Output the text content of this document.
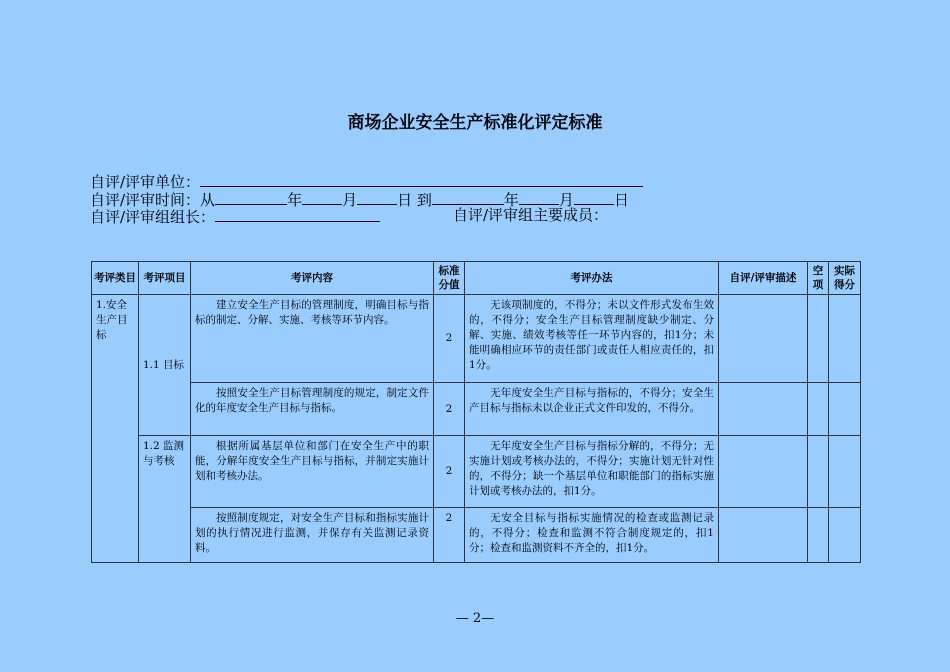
商场企业安全生产标准化评定标准
自评/评审单位：
自评/评审时间：从	年	月	日 到	年	月	日
自评/评审组组长：	自评/评审组主要成员：
考评类目	考评项目	考评内容	标准分值	考评办法	自评/评审描述	空项	实际得分
1.安全生产目标	1.1 目标	建立安全生产目标的管理制度，明确目标与指标的制定、分解、实施、考核等环节内容。	2	无该项制度的，不得分；未以文件形式发布生效的，不得分；安全生产目标管理制度缺少制定、分解、实施、绩效考核等任一环节内容的，扣1分；未能明确相应环节的责任部门或责任人相应责任的，扣1分。			
		按照安全生产目标管理制度的规定，制定文件化的年度安全生产目标与指标。	2	无年度安全生产目标与指标的，不得分；安全生产目标与指标未以企业正式文件印发的，不得分。			
	1.2 监测与考核	根据所属基层单位和部门在安全生产中的职能，分解年度安全生产目标与指标，并制定实施计划和考核办法。	2	无年度安全生产目标与指标分解的，不得分；无实施计划或考核办法的，不得分；实施计划无针对性的，不得分；缺一个基层单位和职能部门的指标实施计划或考核办法的，扣1分。			
		按照制度规定，对安全生产目标和指标实施计划的执行情况进行监测，并保存有关监测记录资料。	2	无安全目标与指标实施情况的检查或监测记录的，不得分；检查和监测不符合制度规定的，扣1分；检查和监测资料不齐全的，扣1分。			
— 2—
